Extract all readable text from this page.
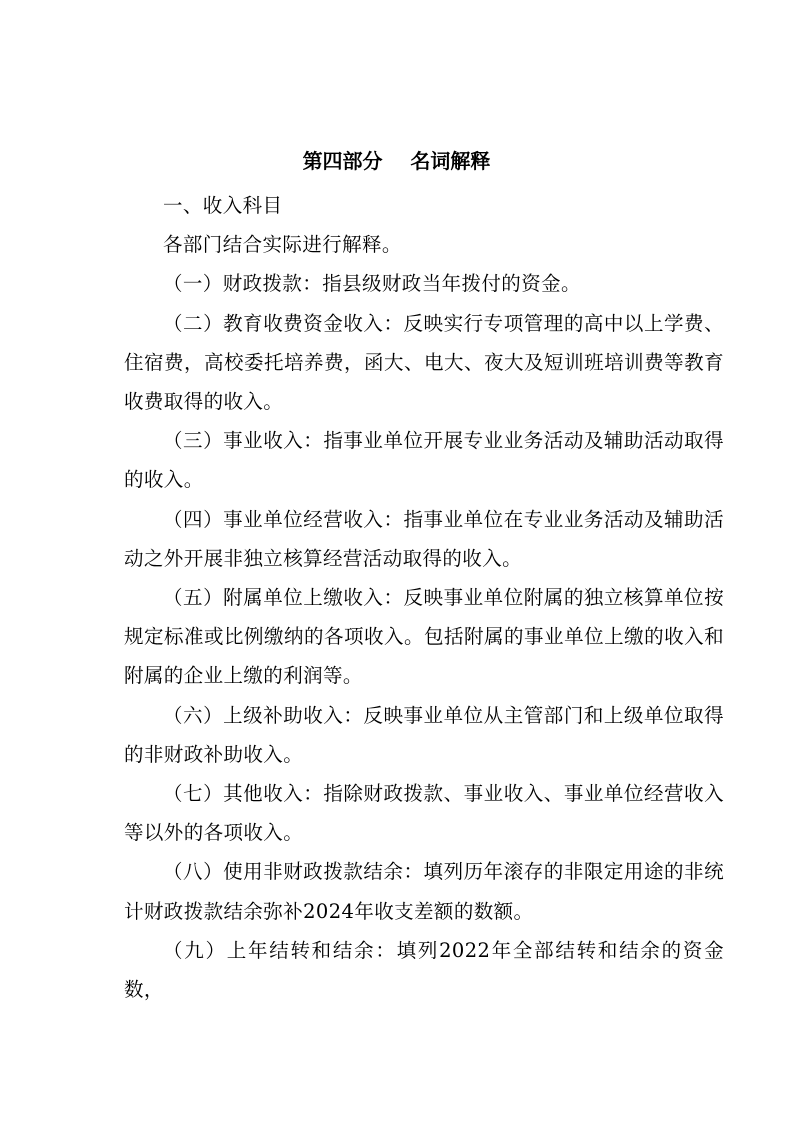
第四部分    名词解释

一、收入科目

各部门结合实际进行解释。

（一）财政拨款：指县级财政当年拨付的资金。

（二）教育收费资金收入：反映实行专项管理的高中以上学费、住宿费，高校委托培养费，函大、电大、夜大及短训班培训费等教育收费取得的收入。

（三）事业收入：指事业单位开展专业业务活动及辅助活动取得的收入。

（四）事业单位经营收入：指事业单位在专业业务活动及辅助活动之外开展非独立核算经营活动取得的收入。

（五）附属单位上缴收入：反映事业单位附属的独立核算单位按规定标准或比例缴纳的各项收入。包括附属的事业单位上缴的收入和附属的企业上缴的利润等。

（六）上级补助收入：反映事业单位从主管部门和上级单位取得的非财政补助收入。

（七）其他收入：指除财政拨款、事业收入、事业单位经营收入等以外的各项收入。

（八）使用非财政拨款结余：填列历年滚存的非限定用途的非统计财政拨款结余弥补2024年收支差额的数额。

（九）上年结转和结余：填列2022年全部结转和结余的资金数，
